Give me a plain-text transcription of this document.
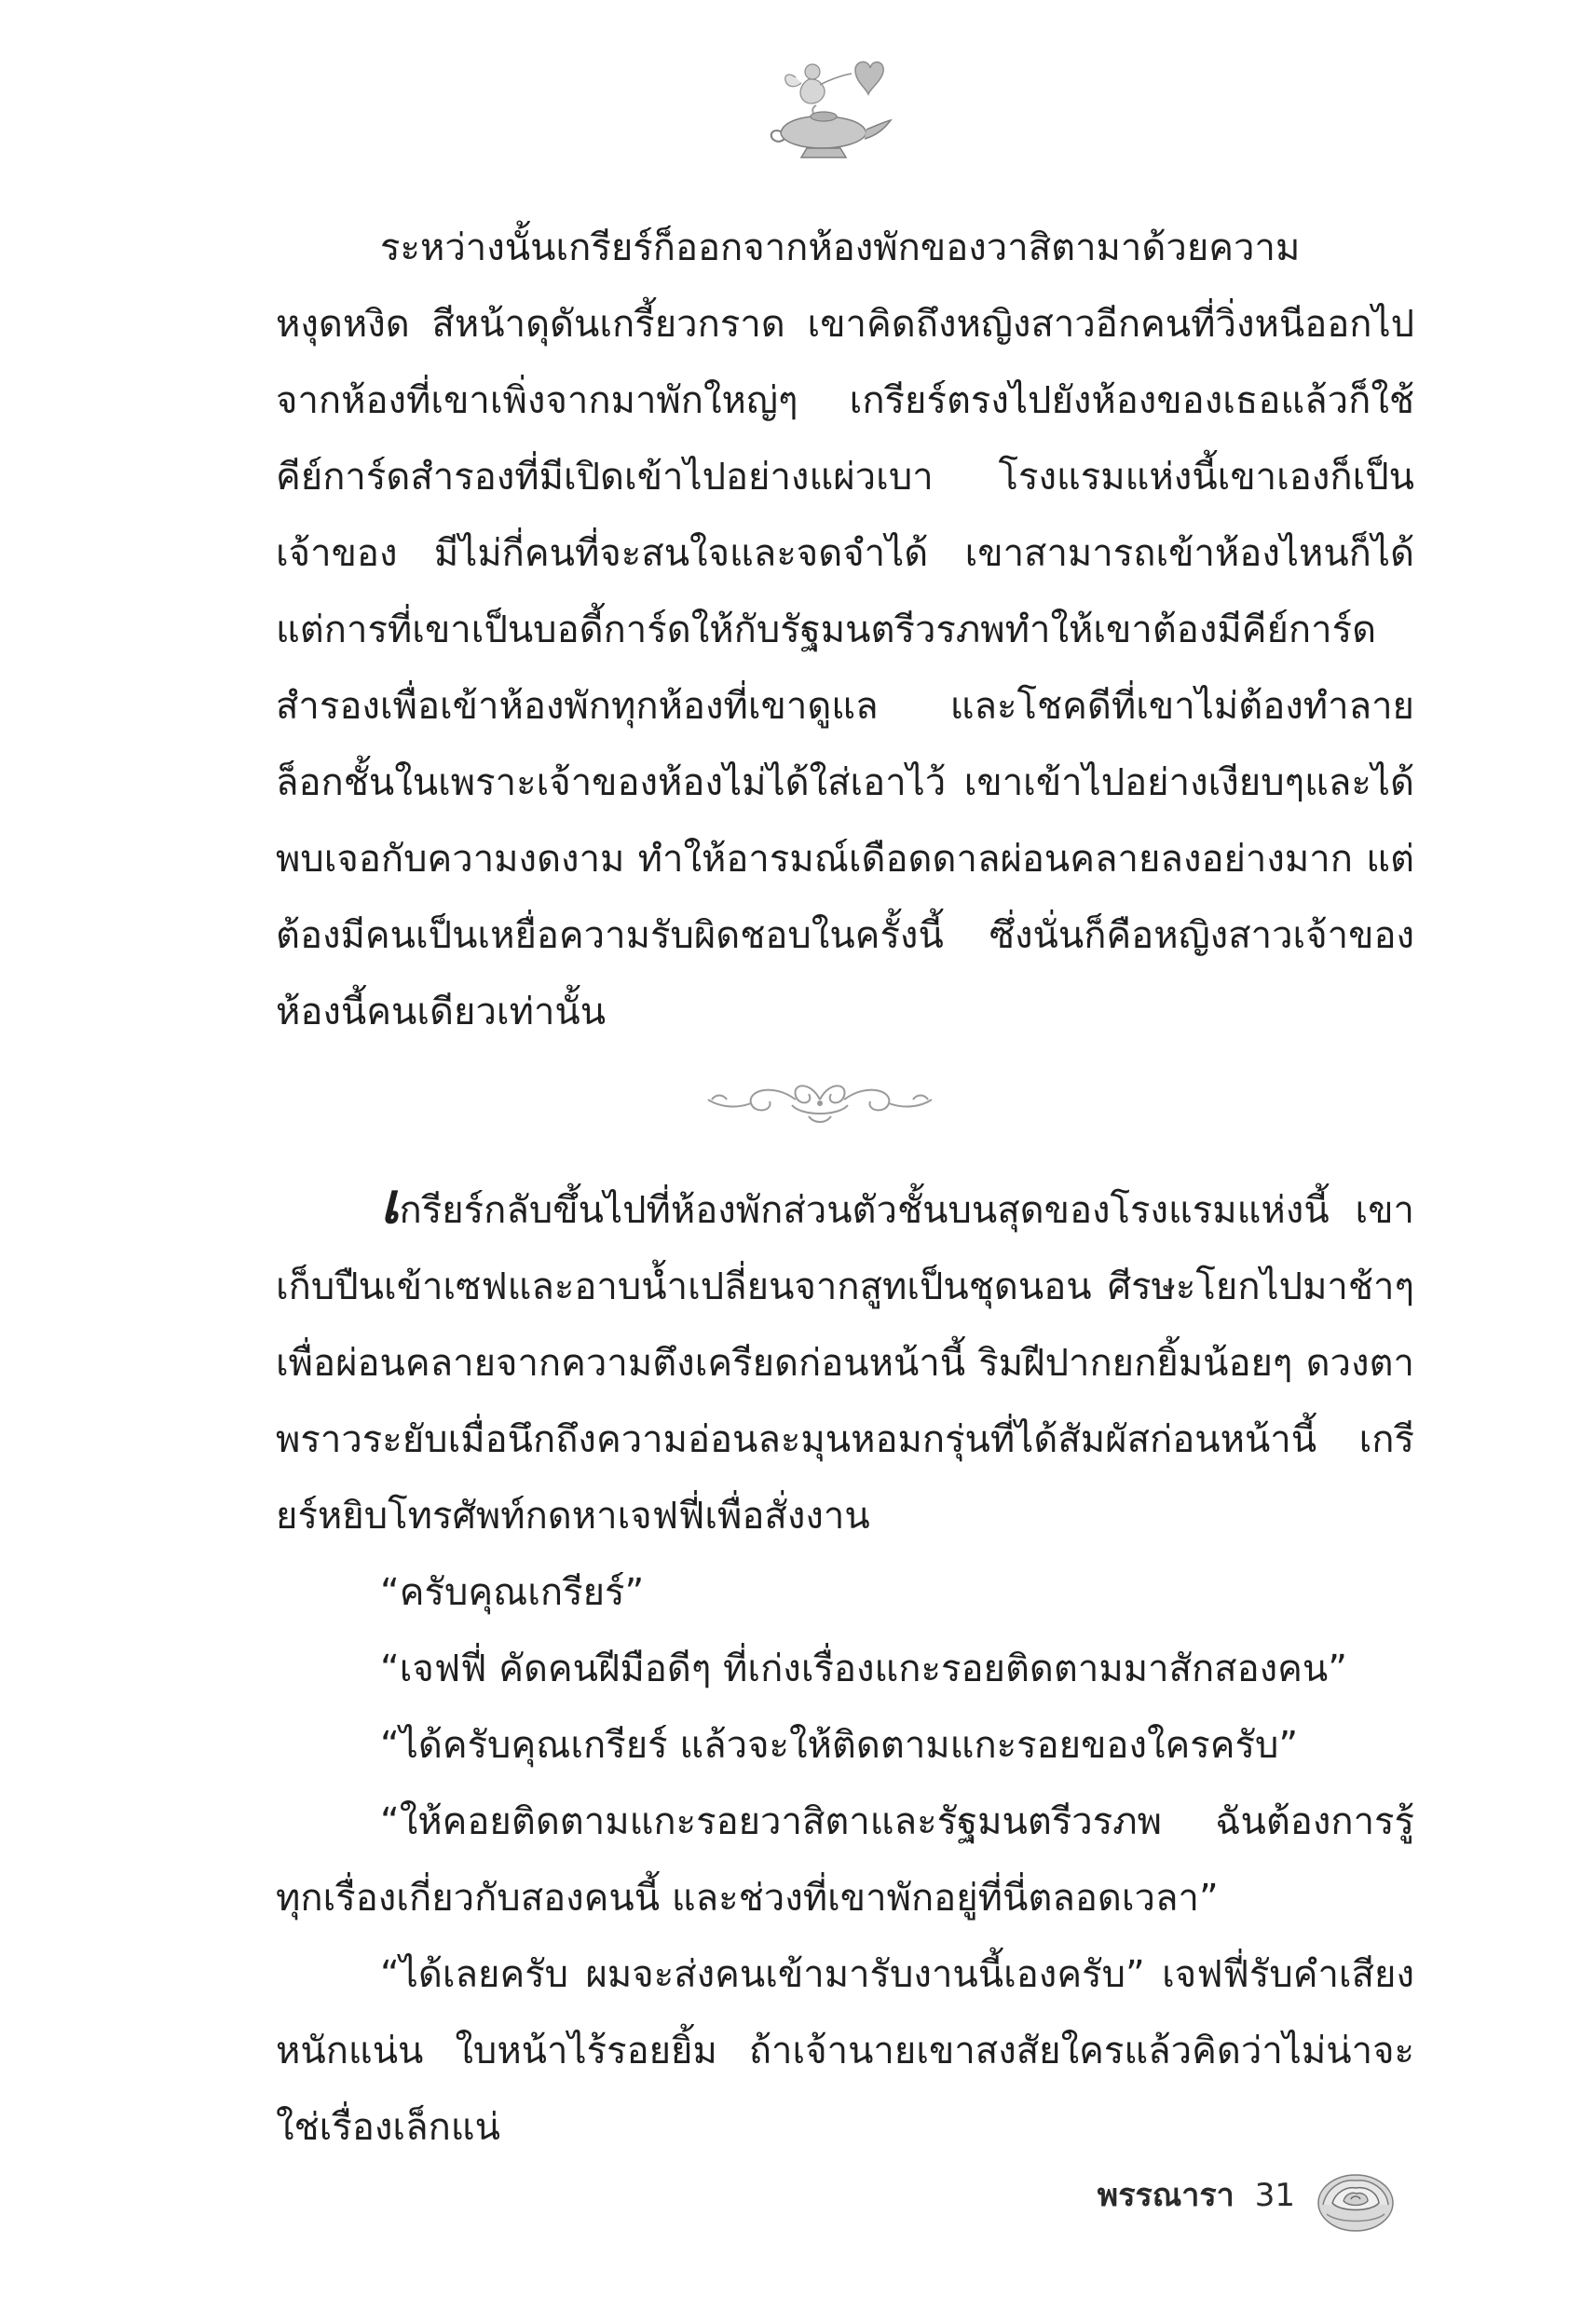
ระหว่างนั้นเกรียร์ก็ออกจากห้องพักของวาสิตามาด้วยความหงุดหงิด สีหน้าดุดันเกรี้ยวกราด เขาคิดถึงหญิงสาวอีกคนที่วิ่งหนีออกไปจากห้องที่เขาเพิ่งจากมาพักใหญ่ๆ เกรียร์ตรงไปยังห้องของเธอแล้วก็ใช้คีย์การ์ดสำรองที่มีเปิดเข้าไปอย่างแผ่วเบา โรงแรมแห่งนี้เขาเองก็เป็นเจ้าของ มีไม่กี่คนที่จะสนใจและจดจำได้ เขาสามารถเข้าห้องไหนก็ได้ แต่การที่เขาเป็นบอดี้การ์ดให้กับรัฐมนตรีวรภพทำให้เขาต้องมีคีย์การ์ดสำรองเพื่อเข้าห้องพักทุกห้องที่เขาดูแล และโชคดีที่เขาไม่ต้องทำลายล็อกชั้นในเพราะเจ้าของห้องไม่ได้ใส่เอาไว้ เขาเข้าไปอย่างเงียบๆและได้พบเจอกับความงดงาม ทำให้อารมณ์เดือดดาลผ่อนคลายลงอย่างมาก แต่ต้องมีคนเป็นเหยื่อความรับผิดชอบในครั้งนี้ ซึ่งนั่นก็คือหญิงสาวเจ้าของห้องนี้คนเดียวเท่านั้น

เกรียร์กลับขึ้นไปที่ห้องพักส่วนตัวชั้นบนสุดของโรงแรมแห่งนี้ เขาเก็บปืนเข้าเซฟและอาบน้ำเปลี่ยนจากสูทเป็นชุดนอน ศีรษะโยกไปมาช้าๆ เพื่อผ่อนคลายจากความตึงเครียดก่อนหน้านี้ ริมฝีปากยกยิ้มน้อยๆ ดวงตาพราวระยับเมื่อนึกถึงความอ่อนละมุนหอมกรุ่นที่ได้สัมผัสก่อนหน้านี้ เกรียร์หยิบโทรศัพท์กดหาเจฟฟี่เพื่อสั่งงาน

“ครับคุณเกรียร์”

“เจฟฟี่ คัดคนฝีมือดีๆ ที่เก่งเรื่องแกะรอยติดตามมาสักสองคน”

“ได้ครับคุณเกรียร์ แล้วจะให้ติดตามแกะรอยของใครครับ”

“ให้คอยติดตามแกะรอยวาสิตาและรัฐมนตรีวรภพ ฉันต้องการรู้ทุกเรื่องเกี่ยวกับสองคนนี้ และช่วงที่เขาพักอยู่ที่นี่ตลอดเวลา”

“ได้เลยครับ ผมจะส่งคนเข้ามารับงานนี้เองครับ” เจฟฟี่รับคำเสียงหนักแน่น ใบหน้าไร้รอยยิ้ม ถ้าเจ้านายเขาสงสัยใครแล้วคิดว่าไม่น่าจะใช่เรื่องเล็กแน่

พรรณารา 31
